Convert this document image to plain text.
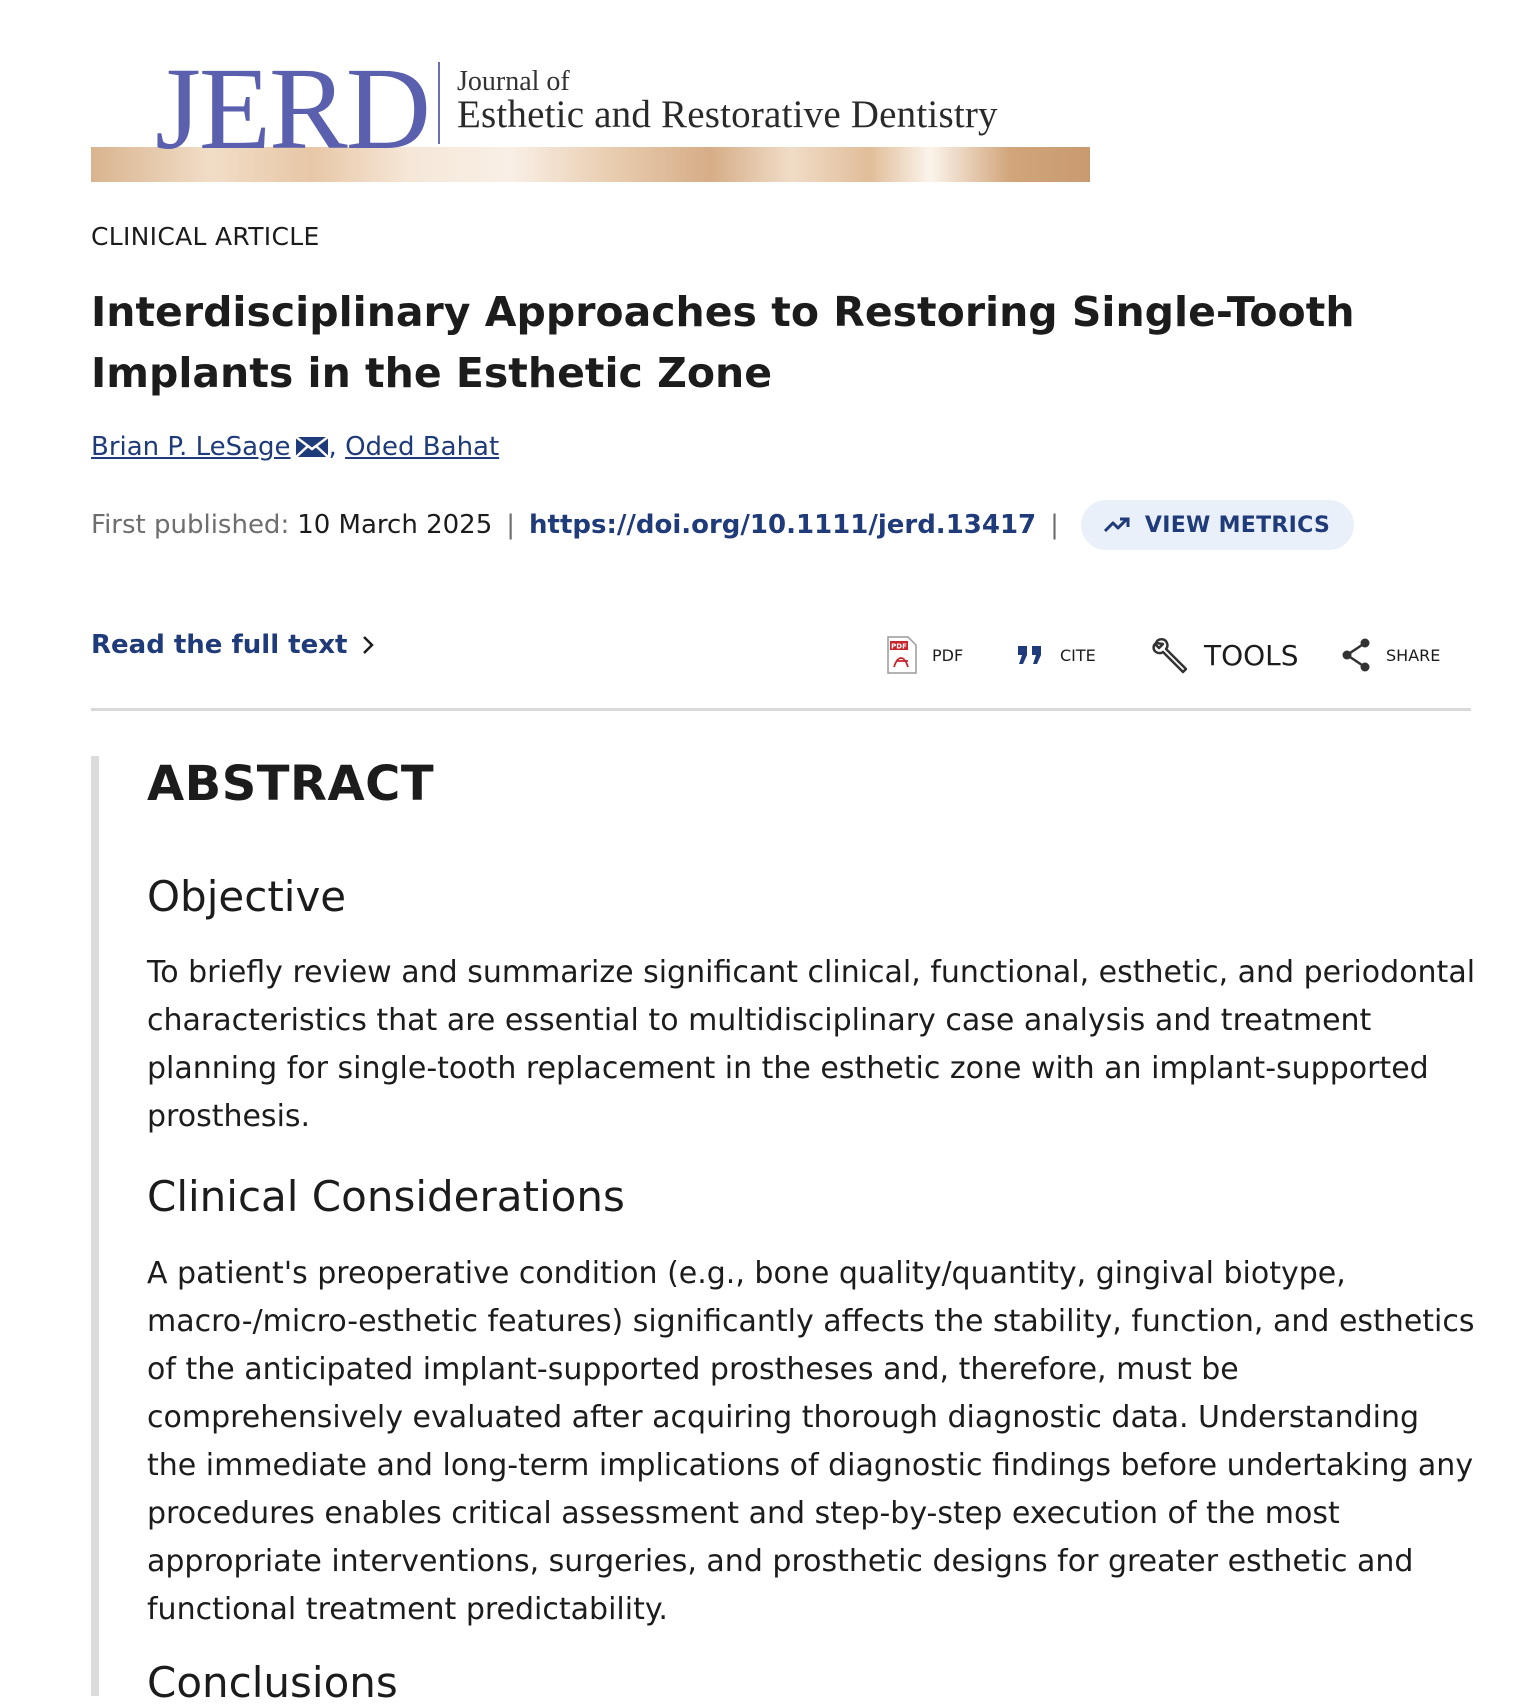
JERD Journal of
Esthetic and Restorative Dentistry
CLINICAL ARTICLE
Interdisciplinary Approaches to Restoring Single-Tooth Implants in the Esthetic Zone
Brian P. LeSage , Oded Bahat
First published: 10 March 2025 | https://doi.org/10.1111/jerd.13417 |	VIEW METRICS
Read the full text	PDF PDF	CITE	TOOLS	SHARE
ABSTRACT
Objective

To briefly review and summarize significant clinical, functional, esthetic, and periodontal characteristics that are essential to multidisciplinary case analysis and treatment planning for single-tooth replacement in the esthetic zone with an implant-supported prosthesis.

Clinical Considerations

A patient's preoperative condition (e.g., bone quality/quantity, gingival biotype, macro-/micro-esthetic features) significantly affects the stability, function, and esthetics of the anticipated implant-supported prostheses and, therefore, must be comprehensively evaluated after acquiring thorough diagnostic data. Understanding the immediate and long-term implications of diagnostic findings before undertaking any procedures enables critical assessment and step-by-step execution of the most appropriate interventions, surgeries, and prosthetic designs for greater esthetic and functional treatment predictability.

Conclusions
